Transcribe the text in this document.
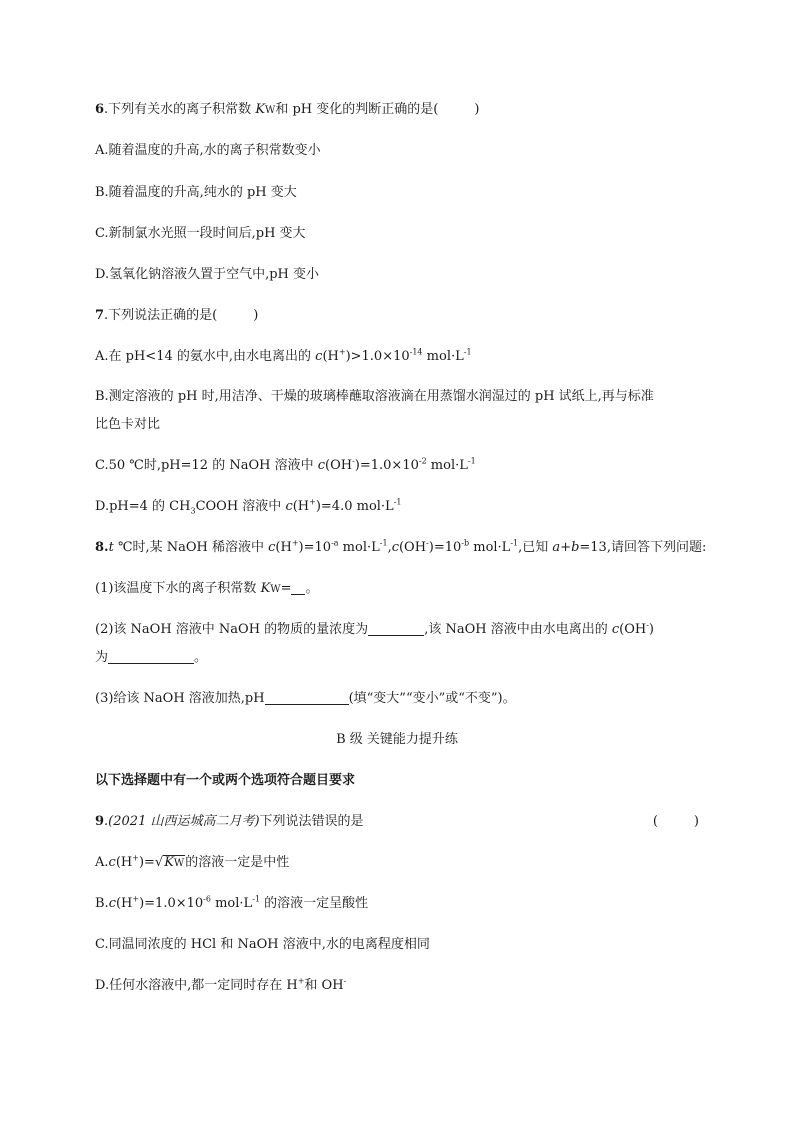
6.下列有关水的离子积常数 KW和 pH 变化的判断正确的是(	)
A.随着温度的升高,水的离子积常数变小
B.随着温度的升高,纯水的 pH 变大
C.新制氯水光照一段时间后,pH 变大
D.氢氧化钠溶液久置于空气中,pH 变小
7.下列说法正确的是(	)
A.在 pH<14 的氨水中,由水电离出的 $c(H^+)>1.0\times 10^{-14}$ $mol\cdot L^{-1}$
B.测定溶液的 pH 时,用洁净、干燥的玻璃棒蘸取溶液滴在用蒸馏水润湿过的 pH 试纸上,再与标准
比色卡对比
C.50 ℃时,pH=12 的 NaOH 溶液中 $c(OH^-)=1.0\times 10^{-2}$ $mol\cdot L^{-1}$
D.pH=4 的 $CH_3COOH$ 溶液中 c(H+)=4.0 $mol\cdot L^{-1}$
8.t ℃时,某 NaOH 稀溶液中 $c(H^+)=10^{-a}$ $mol\cdot L^{-1},c(OH^-)=10^{-b}$ $mol\cdot L^{-1}$,已知 a+b=13,请回答下列问题:
(1)该温度下水的离子积常数 KW= 。
(2)该 NaOH 溶液中 NaOH 的物质的量浓度为	,该 NaOH 溶液中由水电离出的 c(OH-)
为	。
(3)给该 NaOH 溶液加热,pH	(填“变大”“变小”或“不变”)。
B 级 关键能力提升练
以下选择题中有一个或两个选项符合题目要求
9.(2021 山西运城高二月考)下列说法错误的是	(	)
A.c(H+)=√KW的溶液一定是中性
$B.c(H^+)=1.0\times 10^{-6}$ $mol\cdot L^{-1}$ 的溶液一定呈酸性
C.同温同浓度的 HCl 和 NaOH 溶液中,水的电离程度相同
D.任何水溶液中,都一定同时存在 H+和 OH-
